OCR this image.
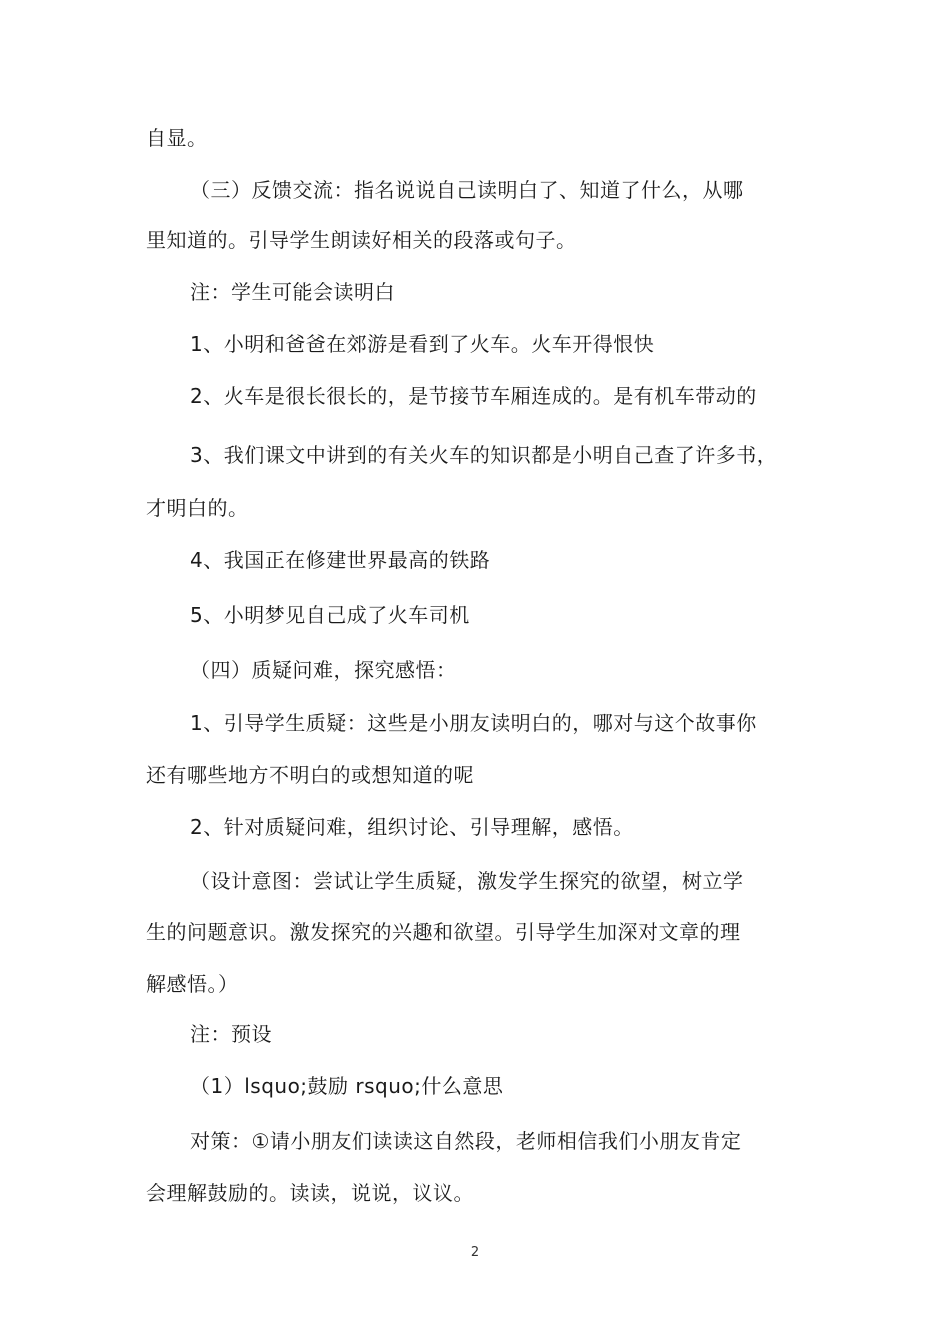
自显。
（三）反馈交流：指名说说自己读明白了、知道了什么，从哪
里知道的。引导学生朗读好相关的段落或句子。
注：学生可能会读明白
1、小明和爸爸在郊游是看到了火车。火车开得恨快
2、火车是很长很长的，是节接节车厢连成的。是有机车带动的
3、我们课文中讲到的有关火车的知识都是小明自己查了许多书，
才明白的。
4、我国正在修建世界最高的铁路
5、小明梦见自己成了火车司机
（四）质疑问难，探究感悟：
1、引导学生质疑：这些是小朋友读明白的，哪对与这个故事你
还有哪些地方不明白的或想知道的呢
2、针对质疑问难，组织讨论、引导理解，感悟。
（设计意图：尝试让学生质疑，激发学生探究的欲望，树立学
生的问题意识。激发探究的兴趣和欲望。引导学生加深对文章的理
解感悟。）
注：预设
（1）lsquo;鼓励 rsquo;什么意思
对策：①请小朋友们读读这自然段，老师相信我们小朋友肯定
会理解鼓励的。读读，说说，议议。
2
